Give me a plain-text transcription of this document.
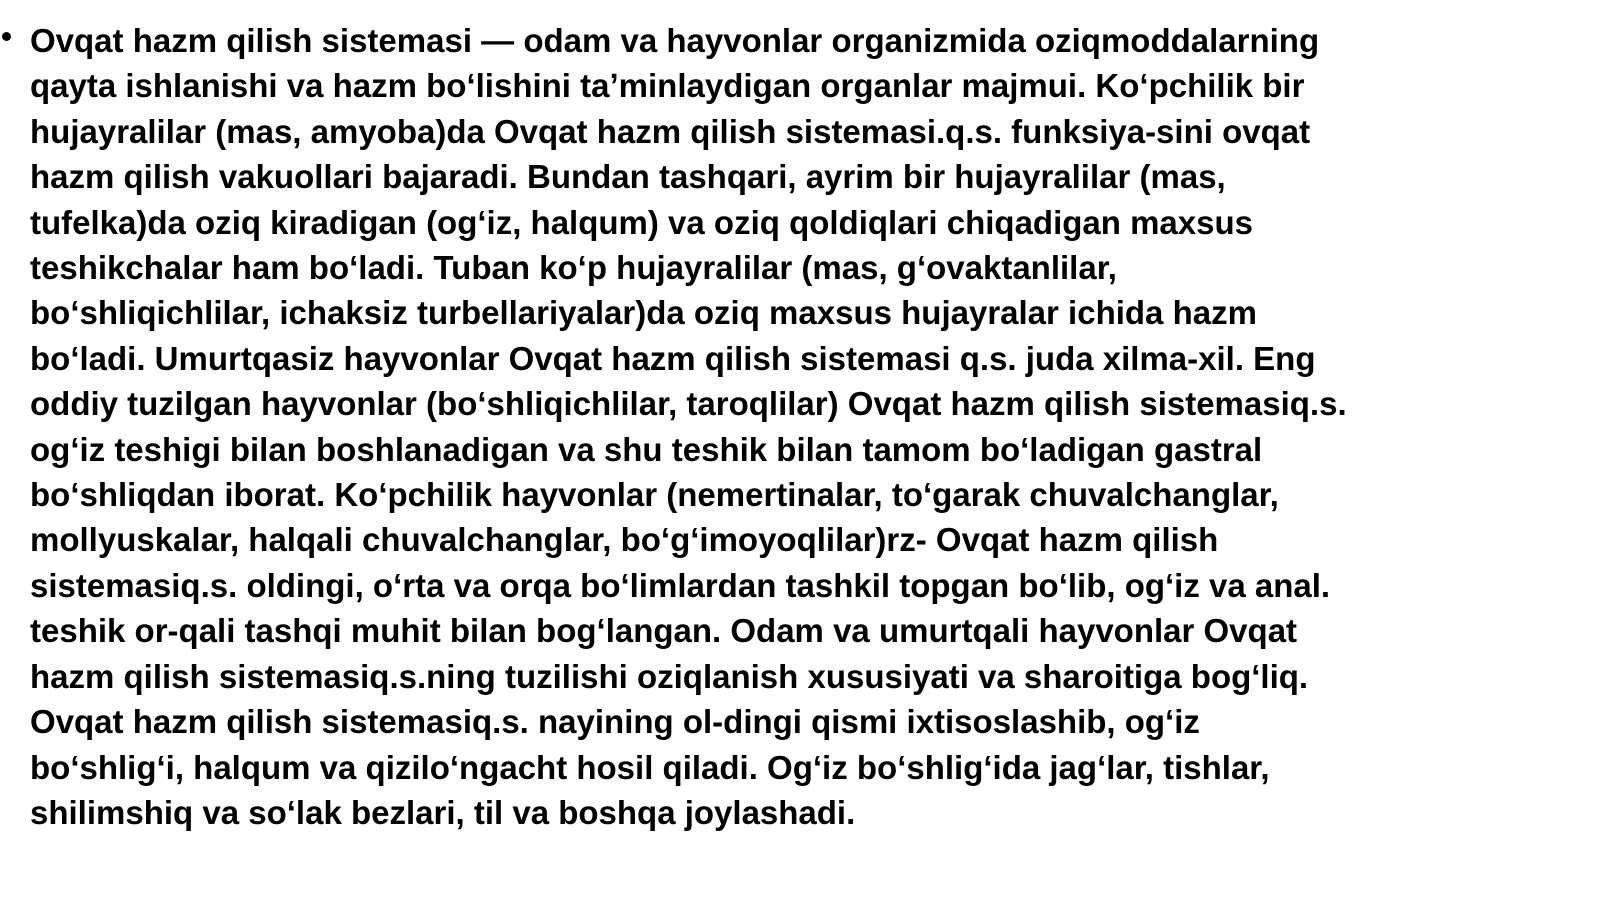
Ovqat hazm qilish sistemasi — odam va hayvonlar organizmida oziqmoddalarning
qayta ishlanishi va hazm boʻlishini taʼminlaydigan organlar majmui. Koʻpchilik bir
hujayralilar (mas, amyoba)da Ovqat hazm qilish sistemasi.q.s. funksiya-sini ovqat
hazm qilish vakuollari bajaradi. Bundan tashqari, ayrim bir hujayralilar (mas,
tufelka)da oziq kiradigan (ogʻiz, halqum) va oziq qoldiqlari chiqadigan maxsus
teshikchalar ham boʻladi. Tuban koʻp hujayralilar (mas, gʻovaktanlilar,
boʻshliqichlilar, ichaksiz turbellariyalar)da oziq maxsus hujayralar ichida hazm
boʻladi. Umurtqasiz hayvonlar Ovqat hazm qilish sistemasi q.s. juda xilma-xil. Eng
oddiy tuzilgan hayvonlar (boʻshliqichlilar, taroqlilar) Ovqat hazm qilish sistemasiq.s.
ogʻiz teshigi bilan boshlanadigan va shu teshik bilan tamom boʻladigan gastral
boʻshliqdan iborat. Koʻpchilik hayvonlar (nemertinalar, toʻgarak chuvalchanglar,
mollyuskalar, halqali chuvalchanglar, boʻgʻimoyoqlilar)rz- Ovqat hazm qilish
sistemasiq.s. oldingi, oʻrta va orqa boʻlimlardan tashkil topgan boʻlib, ogʻiz va anal.
teshik or-qali tashqi muhit bilan bogʻlangan. Odam va umurtqali hayvonlar Ovqat
hazm qilish sistemasiq.s.ning tuzilishi oziqlanish xususiyati va sharoitiga bogʻliq.
Ovqat hazm qilish sistemasiq.s. nayining ol-dingi qismi ixtisoslashib, ogʻiz
boʻshligʻi, halqum va qiziloʻngacht hosil qiladi. Ogʻiz boʻshligʻida jagʻlar, tishlar,
shilimshiq va soʻlak bezlari, til va boshqa joylashadi.
